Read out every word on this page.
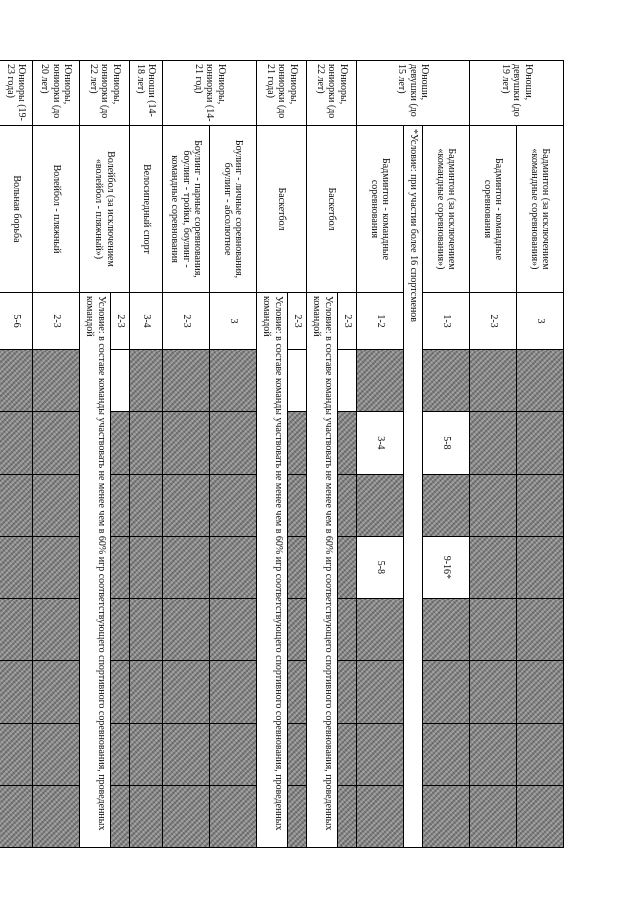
Юноши, девушки (до 19 лет)	Бадминтон (за исключением «командные соревнования»)	3								
	Бадминтон - командные соревнования	2-3								
Юноши, девушки (до 15 лет)	Бадминтон (за исключением «командные соревнования»)	1-3		5-8		9-16*				
	*Условие: при участии более 16 спортсменов									
	Бадминтон - командные соревнования	1-2		3-4		5-8				
Юниоры, юниорки (до 22 лет)	Баскетбол	2-3								
		Условие: в составе команды участвовать не менее чем в 60% игр соответствующего спортивного соревнования, проведенных командой								
Юниоры, юниорки (до 21 года)	Баскетбол	2-3								
		Условие: в составе команды участвовать не менее чем в 60% игр соответствующего спортивного соревнования, проведенных командой								
Юниоры, юниорки (14-21 год)	Боулинг - личные соревнования, боулинг - абсолютное	3								
	Боулинг - парные соревнования, боулинг - тройки, боулинг - командные соревнования	2-3								
Юноши (14-18 лет)	Велосипедный спорт	3-4								
Юниоры, юниорки (до 22 лет)	Волейбол (за исключением «волейбол - пляжный»)	2-3								
		Условие: в составе команды участвовать не менее чем в 60% игр соответствующего спортивного соревнования, проведенных командой								
Юниоры, юниорки (до 20 лет)	Волейбол - пляжный	2-3								
Юниоры (19-23 года)	Вольная борьба	5-6								
